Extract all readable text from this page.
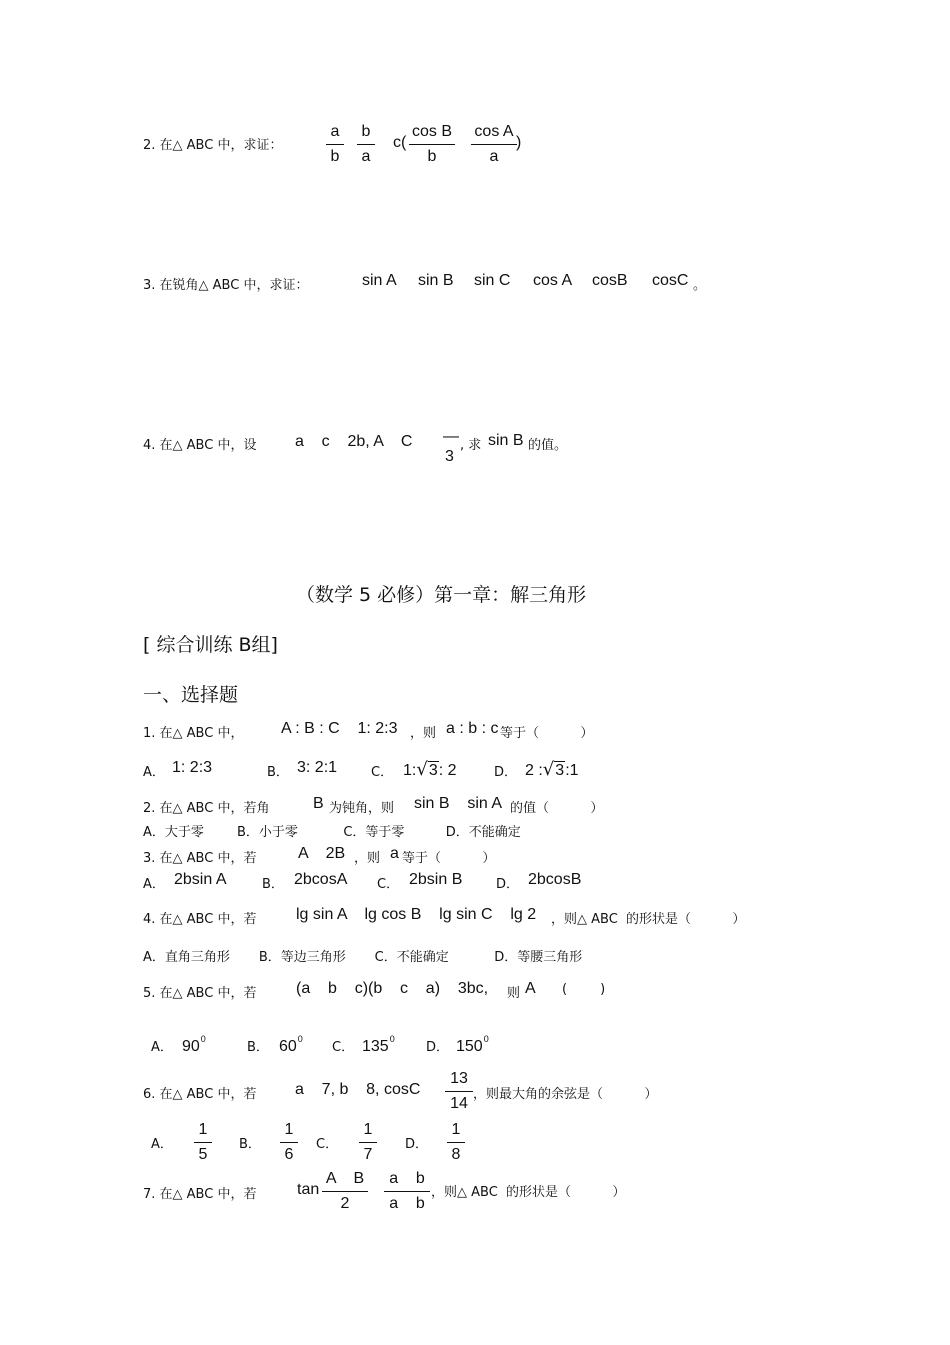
2. 在△ ABC 中，求证：	$\frac{a}{b} \frac{b}{a} c( \frac{\text{cos B}}{b} \frac{\text{cos A}}{a}$ )
3. 在锐角△ ABC 中，求证：	sin A sin B sin C cos A cosB cosC 。
4. 在△ ABC 中，设 a    c    2b, A    C —
3
, 求 sin B 的值。
（数学 5 必修）第一章：解三角形
[ 综合训练 B组]
一、选择题
1. 在△ ABC 中， A : B : C    1: 2:3 ，则 a : b : c 等于（          ）
A． 1: 2:3	B． 3: 2:1	C． 1:√3: 2	D． 2 :√3:1
2. 在△ ABC 中，若角	B 为钝角，则 sin B    sin A 的值（          ）
A．大于零        B．小于零           C．等于零          D．不能确定
3. 在△ ABC 中，若	A    2B ，则 a 等于（          ）
A． 2bsin A	B． 2bcosA C． 2bsin B	D． 2bcosB
4. 在△ ABC 中，若 lg sin A    lg cos B    lg sin C    lg 2 ，则△ ABC  的形状是（          ）
A．直角三角形       B．等边三角形       C．不能确定           D．等腰三角形
5. 在△ ABC 中，若 (a    b    c)(b    c    a)    3bc, 则 A (        )
A． $90^0$
B． $60^0$
C． $135^0$
D． $150^0$
6. 在△ ABC 中，若 a    7, b    8, cosC $\frac{13}{14}$ ，则最大角的余弦是（          ）
A． $\frac{1}{5}$ B． $\frac{1}{6}$ C． $\frac{1}{7}$ D． $\frac{1}{8}$
7. 在△ ABC 中，若	$\tan \frac{\text{A    B}}{2} \frac{\text{a    b}}{\text{a    b}}$ ，则△ ABC  的形状是（          ）
